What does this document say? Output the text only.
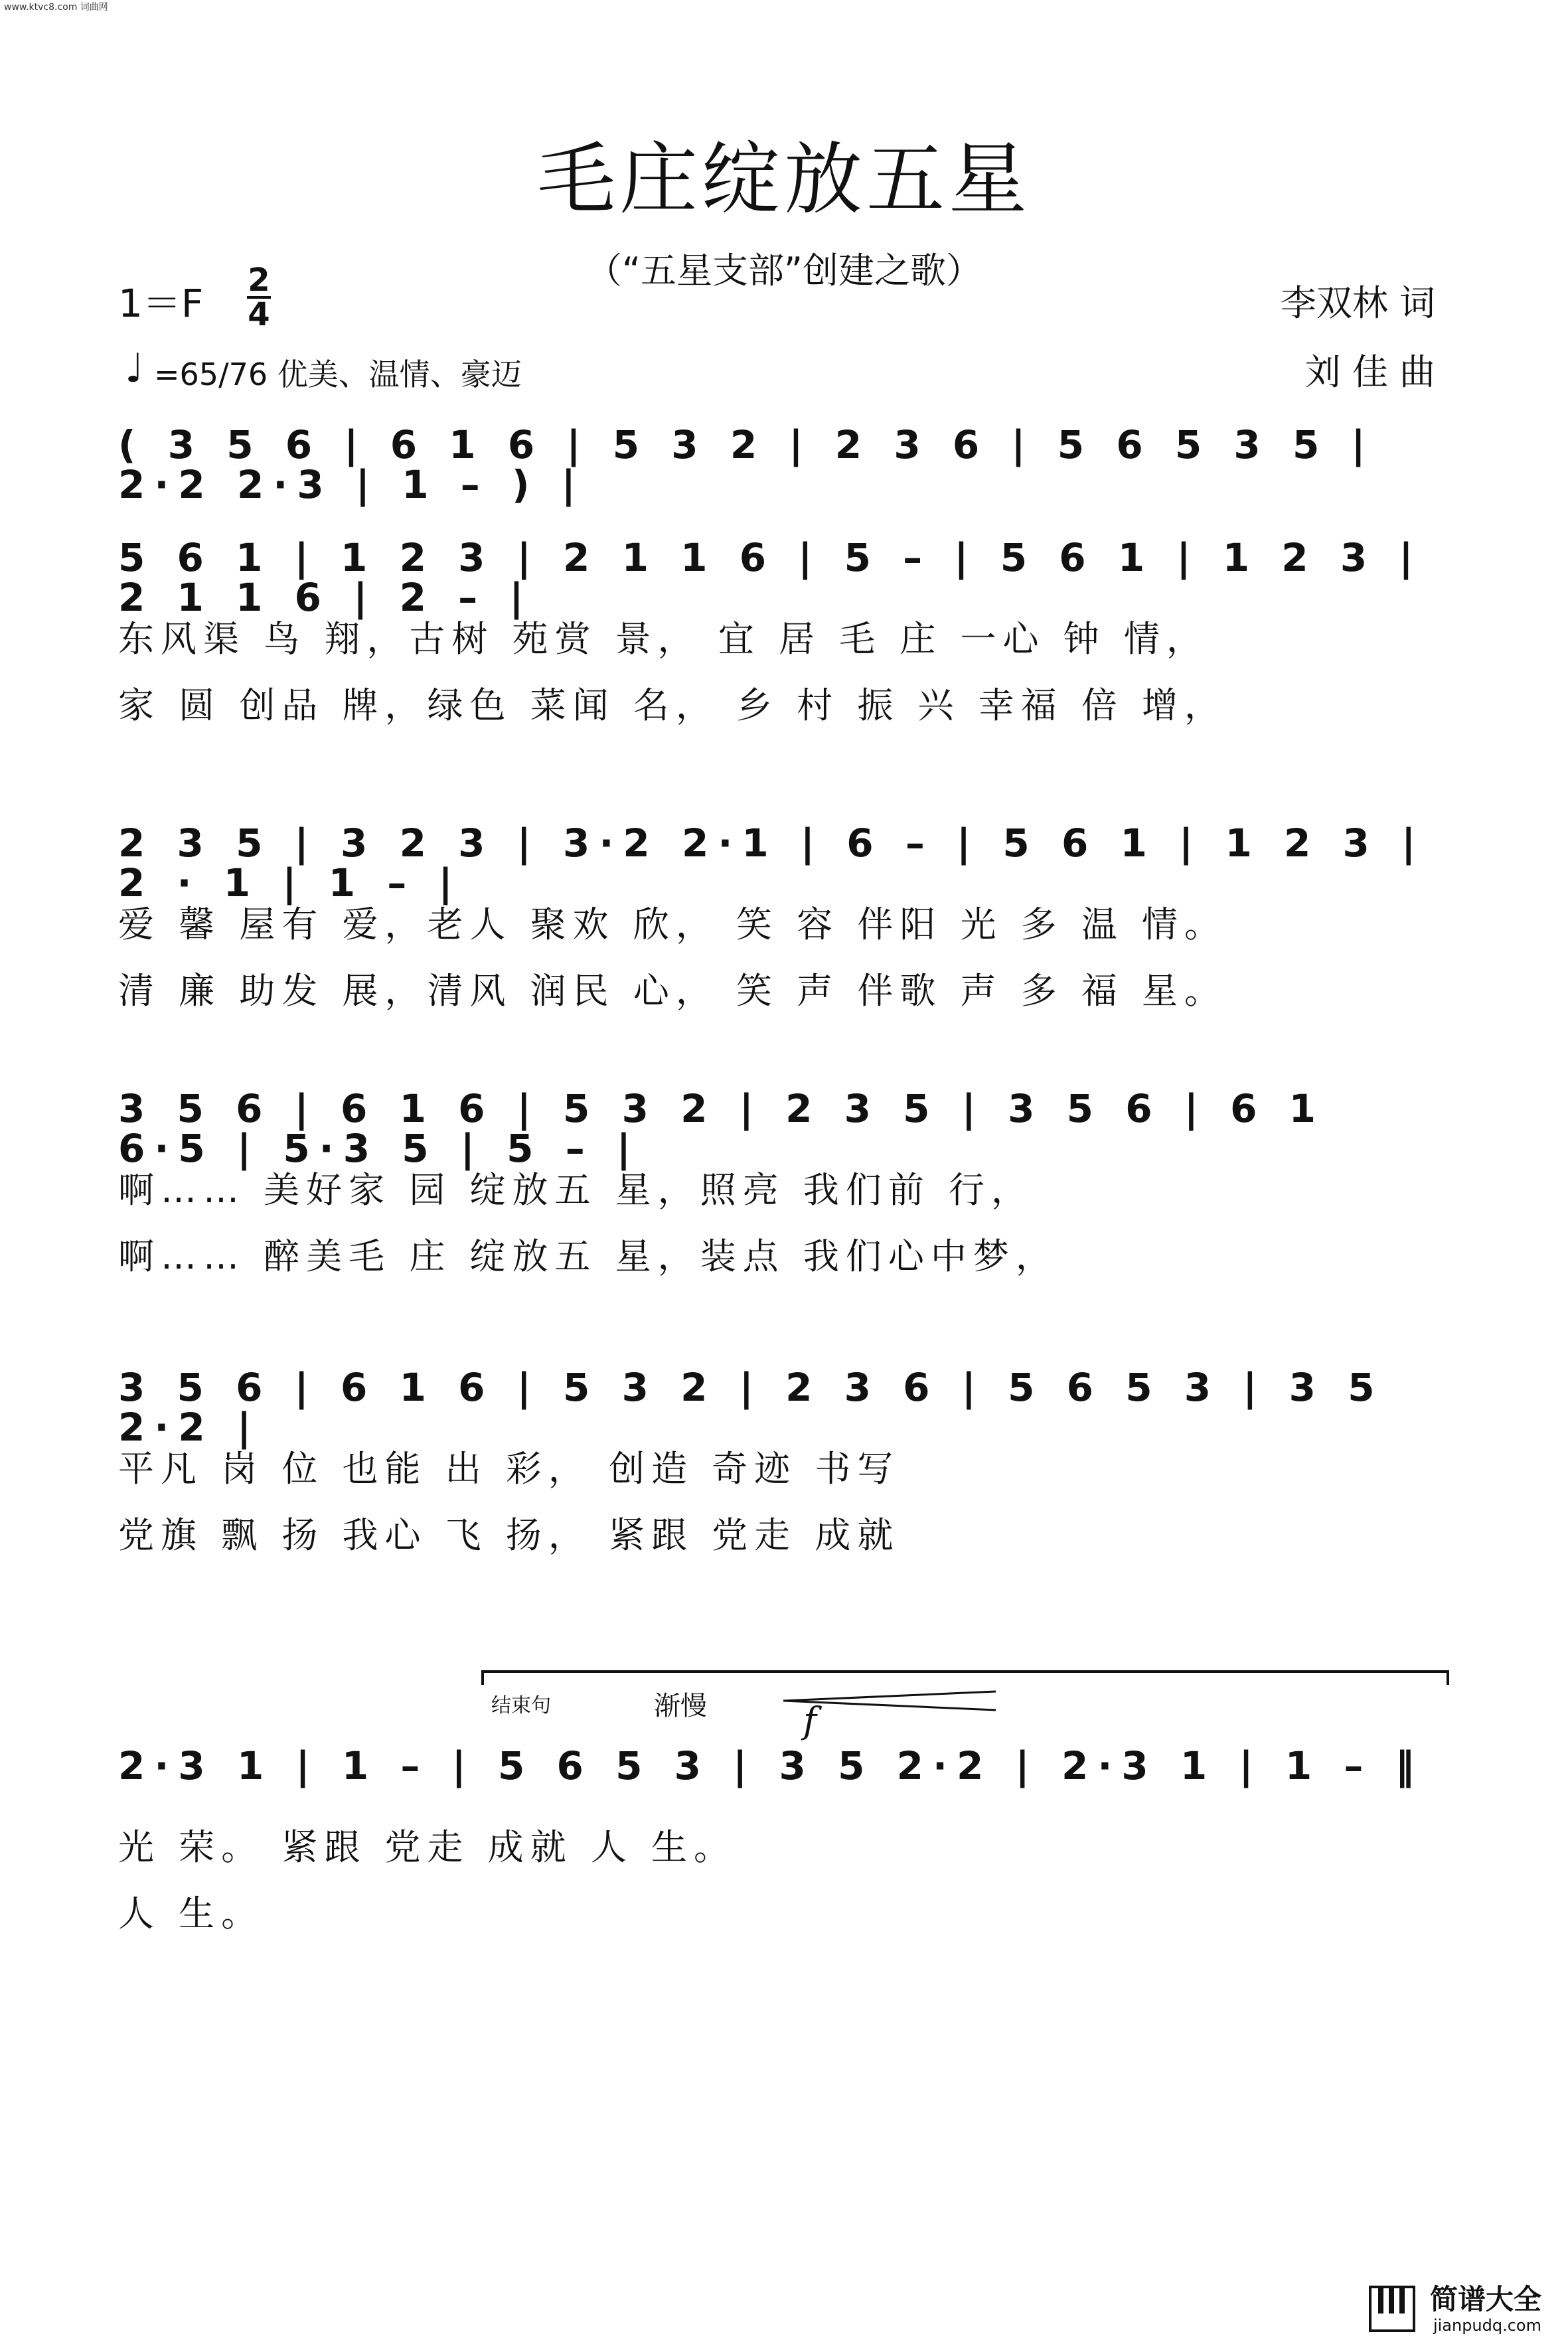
www.ktvc8.com 词曲网
毛庄绽放五星
（“五星支部”创建之歌）
1＝F
2
4	李双林 词
刘 佳 曲
♩ =65/76 优美、温情、豪迈
( 3 5 6 | 6 1 6 | 5 3 2 | 2 3 6 | 5 6 5 3 5 | 2·2 2·3 | 1 – ) |
5 6 1 | 1 2 3 | 2 1 1 6 | 5 – | 5 6 1 | 1 2 3 | 2 1 1 6 | 2 – |
东风渠 鸟 翔，古树 苑赏 景， 宜 居 毛 庄 一心 钟 情，
家 圆 创品 牌，绿色 菜闻 名， 乡 村 振 兴 幸福 倍 增，
2 3 5 | 3 2 3 | 3·2 2·1 | 6 – | 5 6 1 | 1 2 3 | 2 · 1 | 1 – |
爱 馨 屋有 爱，老人 聚欢 欣， 笑 容 伴阳 光 多 温 情。
清 廉 助发 展，清风 润民 心， 笑 声 伴歌 声 多 福 星。
3 5 6 | 6 1 6 | 5 3 2 | 2 3 5 | 3 5 6 | 6 1 6·5 | 5·3 5 | 5 – |
啊…… 美好家 园 绽放五 星，照亮 我们前 行，
啊…… 醉美毛 庄 绽放五 星，装点 我们心中梦，
3 5 6 | 6 1 6 | 5 3 2 | 2 3 6 | 5 6 5 3 | 3 5 2·2 |
平凡 岗 位 也能 出 彩， 创造 奇迹 书写
党旗 飘 扬 我心 飞 扬， 紧跟 党走 成就
结束句	渐慢	f
2·3 1 | 1 – | 5 6 5 3 | 3 5 2·2 | 2·3 1 | 1 – ‖
光 荣。 紧跟 党走 成就 人 生。
人 生。
简谱大全
jianpudq.com
